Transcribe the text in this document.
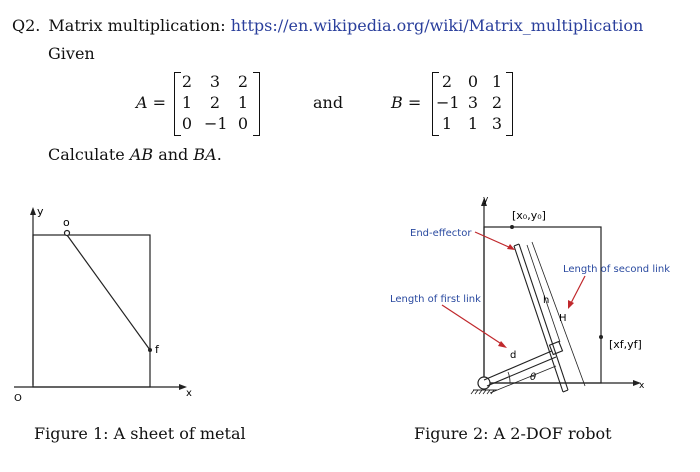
Q2. Matrix multiplication: https://en.wikipedia.org/wiki/Matrix_multiplication
Given
A =
2	3	2
1	2	1
0 −1 0
and	B =
2 0 1
−1 3 2
1 1 3
Calculate AB and BA.
y
x
O
o
f
Figure 1: A sheet of metal
y
x
[x₀,y₀]
[xf,yf]
End-effector
Length of second link
Length of first link	h
H
d
θ
Figure 2: A 2-DOF robot
